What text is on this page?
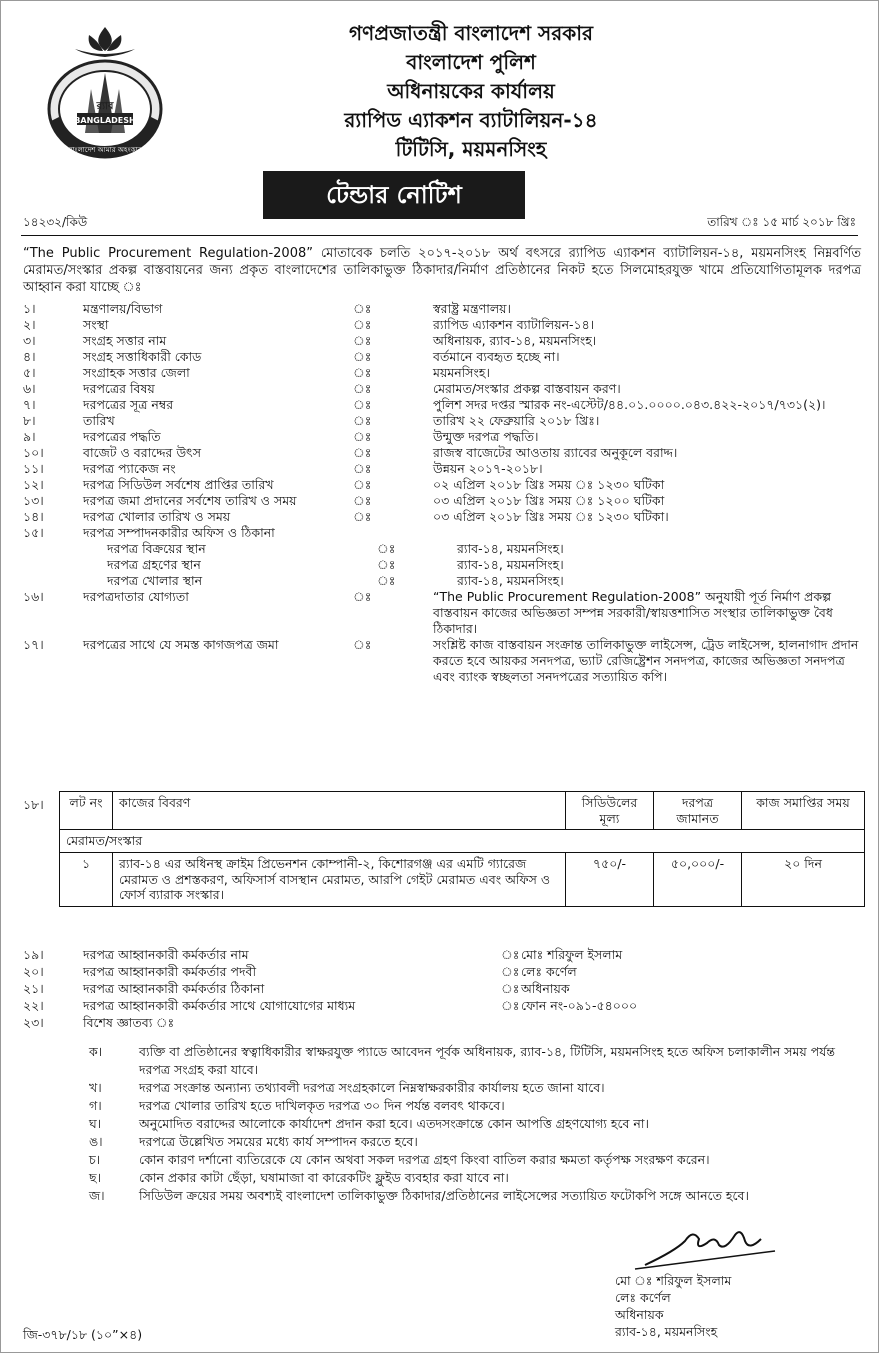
BANGLADESH
র‌্যাব
বাংলাদেশ আমার অহংকার
গণপ্রজাতন্ত্রী বাংলাদেশ সরকার
বাংলাদেশ পুলিশ
অধিনায়কের কার্যালয়
র‌্যাপিড এ্যাকশন ব্যাটালিয়ন-১৪
টিটিসি, ময়মনসিংহ
টেন্ডার নোটিশ
১৪২৩২/কিউ	তারিখ ঃ ১৫ মার্চ ২০১৮ খ্রিঃ
“The Public Procurement Regulation-2008” মোতাবেক চলতি ২০১৭-২০১৮ অর্থ বৎসরে র‌্যাপিড এ্যাকশন ব্যাটালিয়ন-১৪, ময়মনসিংহ নিম্নবর্ণিত মেরামত/সংস্কার প্রকল্প বাস্তবায়নের জন্য প্রকৃত বাংলাদেশের তালিকাভুক্ত ঠিকাদার/নির্মাণ প্রতিষ্ঠানের নিকট হতে সিলমোহরযুক্ত খামে প্রতিযোগিতামূলক দরপত্র আহ্বান করা যাচ্ছে ঃ
১।	মন্ত্রণালয়/বিভাগ	ঃ	স্বরাষ্ট্র মন্ত্রণালয়।
২।	সংস্থা	ঃ	র‌্যাপিড এ্যাকশন ব্যাটালিয়ন-১৪।
৩।	সংগ্রহ সত্তার নাম	ঃ	অধিনায়ক, র‌্যাব-১৪, ময়মনসিংহ।
৪।	সংগ্রহ সত্তাধিকারী কোড	ঃ	বর্তমানে ব্যবহৃত হচ্ছে না।
৫।	সংগ্রাহক সত্তার জেলা	ঃ	ময়মনসিংহ।
৬।	দরপত্রের বিষয়	ঃ	মেরামত/সংস্কার প্রকল্প বাস্তবায়ন করণ।
৭।	দরপত্রের সূত্র নম্বর	ঃ	পুলিশ সদর দপ্তর স্মারক নং-এস্টেট/৪৪.০১.০০০০.০৪৩.৪২২-২০১৭/৭৩১(২)।
৮।	তারিখ	ঃ	তারিখ ২২ ফেব্রুয়ারি ২০১৮ খ্রিঃ।
৯।	দরপত্রের পদ্ধতি	ঃ	উন্মুক্ত দরপত্র পদ্ধতি।
১০।	বাজেট ও বরাদ্দের উৎস	ঃ	রাজস্ব বাজেটের আওতায় র‌্যাবের অনুকূলে বরাদ্দ।
১১।	দরপত্র প্যাকেজ নং	ঃ	উন্নয়ন ২০১৭-২০১৮।
১২।	দরপত্র সিডিউল সর্বশেষ প্রাপ্তির তারিখ	ঃ	০২ এপ্রিল ২০১৮ খ্রিঃ সময় ঃ ১২৩০ ঘটিকা
১৩।	দরপত্র জমা প্রদানের সর্বশেষ তারিখ ও সময়	ঃ	০৩ এপ্রিল ২০১৮ খ্রিঃ সময় ঃ ১২০০ ঘটিকা
১৪।	দরপত্র খোলার তারিখ ও সময়	ঃ	০৩ এপ্রিল ২০১৮ খ্রিঃ সময় ঃ ১২৩০ ঘটিকা।
১৫।	দরপত্র সম্পাদনকারীর অফিস ও ঠিকানা
দরপত্র বিক্রয়ের স্থান	ঃ	র‌্যাব-১৪, ময়মনসিংহ।
দরপত্র গ্রহণের স্থান	ঃ	র‌্যাব-১৪, ময়মনসিংহ।
দরপত্র খোলার স্থান	ঃ	র‌্যাব-১৪, ময়মনসিংহ।
১৬।	দরপত্রদাতার যোগ্যতা	ঃ	“The Public Procurement Regulation-2008” অনুযায়ী পূর্ত নির্মাণ প্রকল্প বাস্তবায়ন কাজের অভিজ্ঞতা সম্পন্ন সরকারী/স্বায়ত্তশাসিত সংস্থার তালিকাভুক্ত বৈধ ঠিকাদার।
১৭।	দরপত্রের সাথে যে সমস্ত কাগজপত্র জমা	ঃ	সংশ্লিষ্ট কাজ বাস্তবায়ন সংক্রান্ত তালিকাভুক্ত লাইসেন্স, ট্রেড লাইসেন্স, হালনাগাদ প্রদান করতে হবে আয়কর সনদপত্র, ভ্যাট রেজিষ্ট্রেশন সনদপত্র, কাজের অভিজ্ঞতা সনদপত্র এবং ব্যাংক স্বচ্ছলতা সনদপত্রের সত্যায়িত কপি।
১৮। লট নং	কাজের বিবরণ	সিডিউলের মূল্য	দরপত্র জামানত	কাজ সমাপ্তির সময়
মেরামত/সংস্কার				
১	র‌্যাব-১৪ এর অধিনস্থ ক্রাইম প্রিভেনশন কোম্পানী-২, কিশোরগঞ্জ এর এমটি গ্যারেজ মেরামত ও প্রশস্তকরণ, অফিসার্স বাসস্থান মেরামত, আরপি গেইট মেরামত এবং অফিস ও ফোর্স ব্যারাক সংস্কার।	৭৫০/-	৫০,০০০/-	২০ দিন
১৯।	দরপত্র আহ্বানকারী কর্মকর্তার নাম	ঃ মোঃ শরিফুল ইসলাম
২০।	দরপত্র আহ্বানকারী কর্মকর্তার পদবী	ঃ লেঃ কর্ণেল
২১।	দরপত্র আহ্বানকারী কর্মকর্তার ঠিকানা	ঃ অধিনায়ক
২২।	দরপত্র আহ্বানকারী কর্মকর্তার সাথে যোগাযোগের মাধ্যম	ঃ ফোন নং-০৯১-৫৪০০০
২৩।	বিশেষ জ্ঞাতব্য ঃ
ক।	ব্যক্তি বা প্রতিষ্ঠানের স্বত্বাধিকারীর স্বাক্ষরযুক্ত প্যাডে আবেদন পূর্বক অধিনায়ক, র‌্যাব-১৪, টিটিসি, ময়মনসিংহ হতে অফিস চলাকালীন সময় পর্যন্ত দরপত্র সংগ্রহ করা যাবে।
খ।	দরপত্র সংক্রান্ত অন্যান্য তথ্যাবলী দরপত্র সংগ্রহকালে নিম্নস্বাক্ষরকারীর কার্যালয় হতে জানা যাবে।
গ।	দরপত্র খোলার তারিখ হতে দাখিলকৃত দরপত্র ৩০ দিন পর্যন্ত বলবৎ থাকবে।
ঘ।	অনুমোদিত বরাদ্দের আলোকে কার্যাদেশ প্রদান করা হবে। এতদসংক্রান্তে কোন আপত্তি গ্রহণযোগ্য হবে না।
ঙ।	দরপত্রে উল্লেখিত সময়ের মধ্যে কার্য সম্পাদন করতে হবে।
চ।	কোন কারণ দর্শানো ব্যতিরেকে যে কোন অথবা সকল দরপত্র গ্রহণ কিংবা বাতিল করার ক্ষমতা কর্তৃপক্ষ সংরক্ষণ করেন।
ছ।	কোন প্রকার কাটা ছেঁড়া, ঘষামাজা বা কারেকটিং ফ্লুইড ব্যবহার করা যাবে না।
জ।	সিডিউল ক্রয়ের সময় অবশ্যই বাংলাদেশ তালিকাভুক্ত ঠিকাদার/প্রতিষ্ঠানের লাইসেন্সের সত্যায়িত ফটোকপি সঙ্গে আনতে হবে।
মো ঃ শরিফুল ইসলাম
লেঃ কর্ণেল
অধিনায়ক
র‌্যাব-১৪, ময়মনসিংহ
জি-৩৭৮/১৮ (১০”×৪)
